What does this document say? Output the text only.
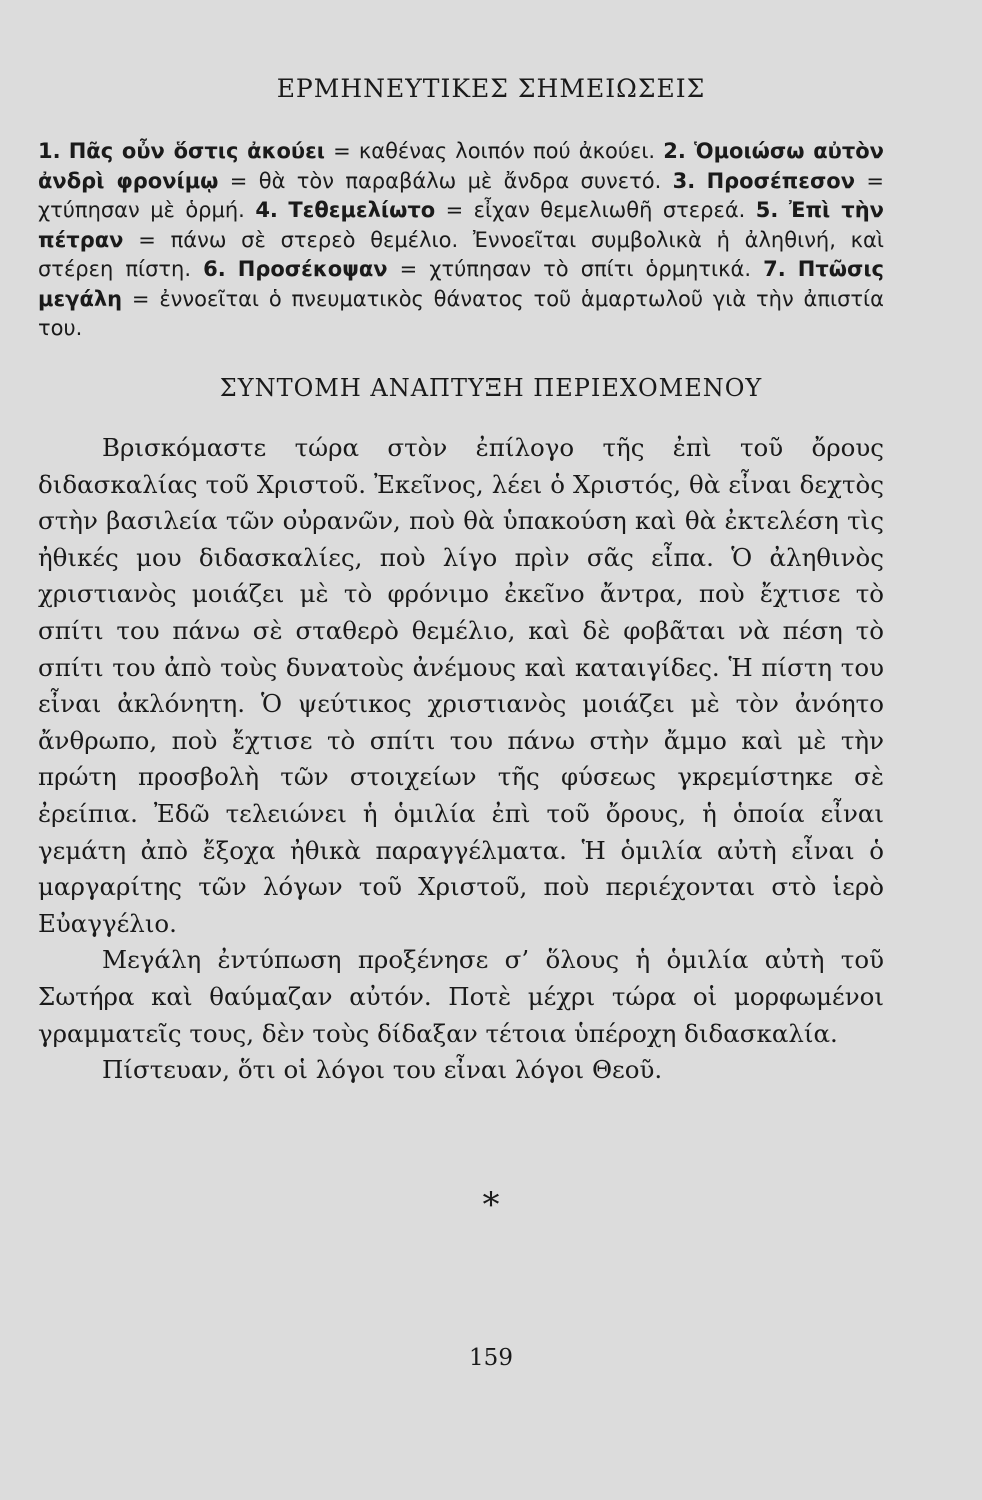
ΕΡΜΗΝΕΥΤΙΚΕΣ ΣΗΜΕΙΩΣΕΙΣ
1. Πᾶς οὖν ὅστις ἀκούει = καθένας λοιπόν πού ἀκούει. 2. Ὁμοιώσω αὐτὸν ἀνδρὶ φρονίμῳ = θὰ τὸν παραβάλω μὲ ἄνδρα συνετό. 3. Προσέπεσον = χτύπησαν μὲ ὁρμή. 4. Τεθεμελίωτο = εἶχαν θεμελιωθῆ στερεά. 5. Ἐπὶ τὴν πέτραν = πάνω σὲ στερεὸ θεμέλιο. Ἐννοεῖται συμβολικὰ ἡ ἀληθινή, καὶ στέρεη πίστη. 6. Προσέκοψαν = χτύπησαν τὸ σπίτι ὁρμητικά. 7. Πτῶσις μεγάλη = ἐννοεῖται ὁ πνευματικὸς θάνατος τοῦ ἁμαρτωλοῦ γιὰ τὴν ἀπιστία του.
ΣΥΝΤΟΜΗ ΑΝΑΠΤΥΞΗ ΠΕΡΙΕΧΟΜΕΝΟΥ

Βρισκόμαστε τώρα στὸν ἐπίλογο τῆς ἐπὶ τοῦ ὄρους διδασκαλίας τοῦ Χριστοῦ. Ἐκεῖνος, λέει ὁ Χριστός, θὰ εἶναι δεχτὸς στὴν βασιλεία τῶν οὐρανῶν, ποὺ θὰ ὑπακούση καὶ θὰ ἐκτελέση τὶς ἠθικές μου διδασκαλίες, ποὺ λίγο πρὶν σᾶς εἶπα. Ὁ ἀληθινὸς χριστιανὸς μοιάζει μὲ τὸ φρόνιμο ἐκεῖνο ἄντρα, ποὺ ἔχτισε τὸ σπίτι του πάνω σὲ σταθερὸ θεμέλιο, καὶ δὲ φοβᾶται νὰ πέση τὸ σπίτι του ἀπὸ τοὺς δυνατοὺς ἀνέμους καὶ καταιγίδες. Ἡ πίστη του εἶναι ἀκλόνητη. Ὁ ψεύτικος χριστιανὸς μοιάζει μὲ τὸν ἀνόητο ἄνθρωπο, ποὺ ἔχτισε τὸ σπίτι του πάνω στὴν ἄμμο καὶ μὲ τὴν πρώτη προσβολὴ τῶν στοιχείων τῆς φύσεως γκρεμίστηκε σὲ ἐρείπια. Ἐδῶ τελειώνει ἡ ὁμιλία ἐπὶ τοῦ ὄρους, ἡ ὁποία εἶναι γεμάτη ἀπὸ ἔξοχα ἠθικὰ παραγγέλματα. Ἡ ὁμιλία αὐτὴ εἶναι ὁ μαργαρίτης τῶν λόγων τοῦ Χριστοῦ, ποὺ περιέχονται στὸ ἱερὸ Εὐαγγέλιο.

Μεγάλη ἐντύπωση προξένησε σ’ ὅλους ἡ ὁμιλία αὐτὴ τοῦ Σωτήρα καὶ θαύμαζαν αὐτόν. Ποτὲ μέχρι τώρα οἱ μορφωμένοι γραμματεῖς τους, δὲν τοὺς δίδαξαν τέτοια ὑπέροχη διδασκαλία.

Πίστευαν, ὅτι οἱ λόγοι του εἶναι λόγοι Θεοῦ.

*
159
